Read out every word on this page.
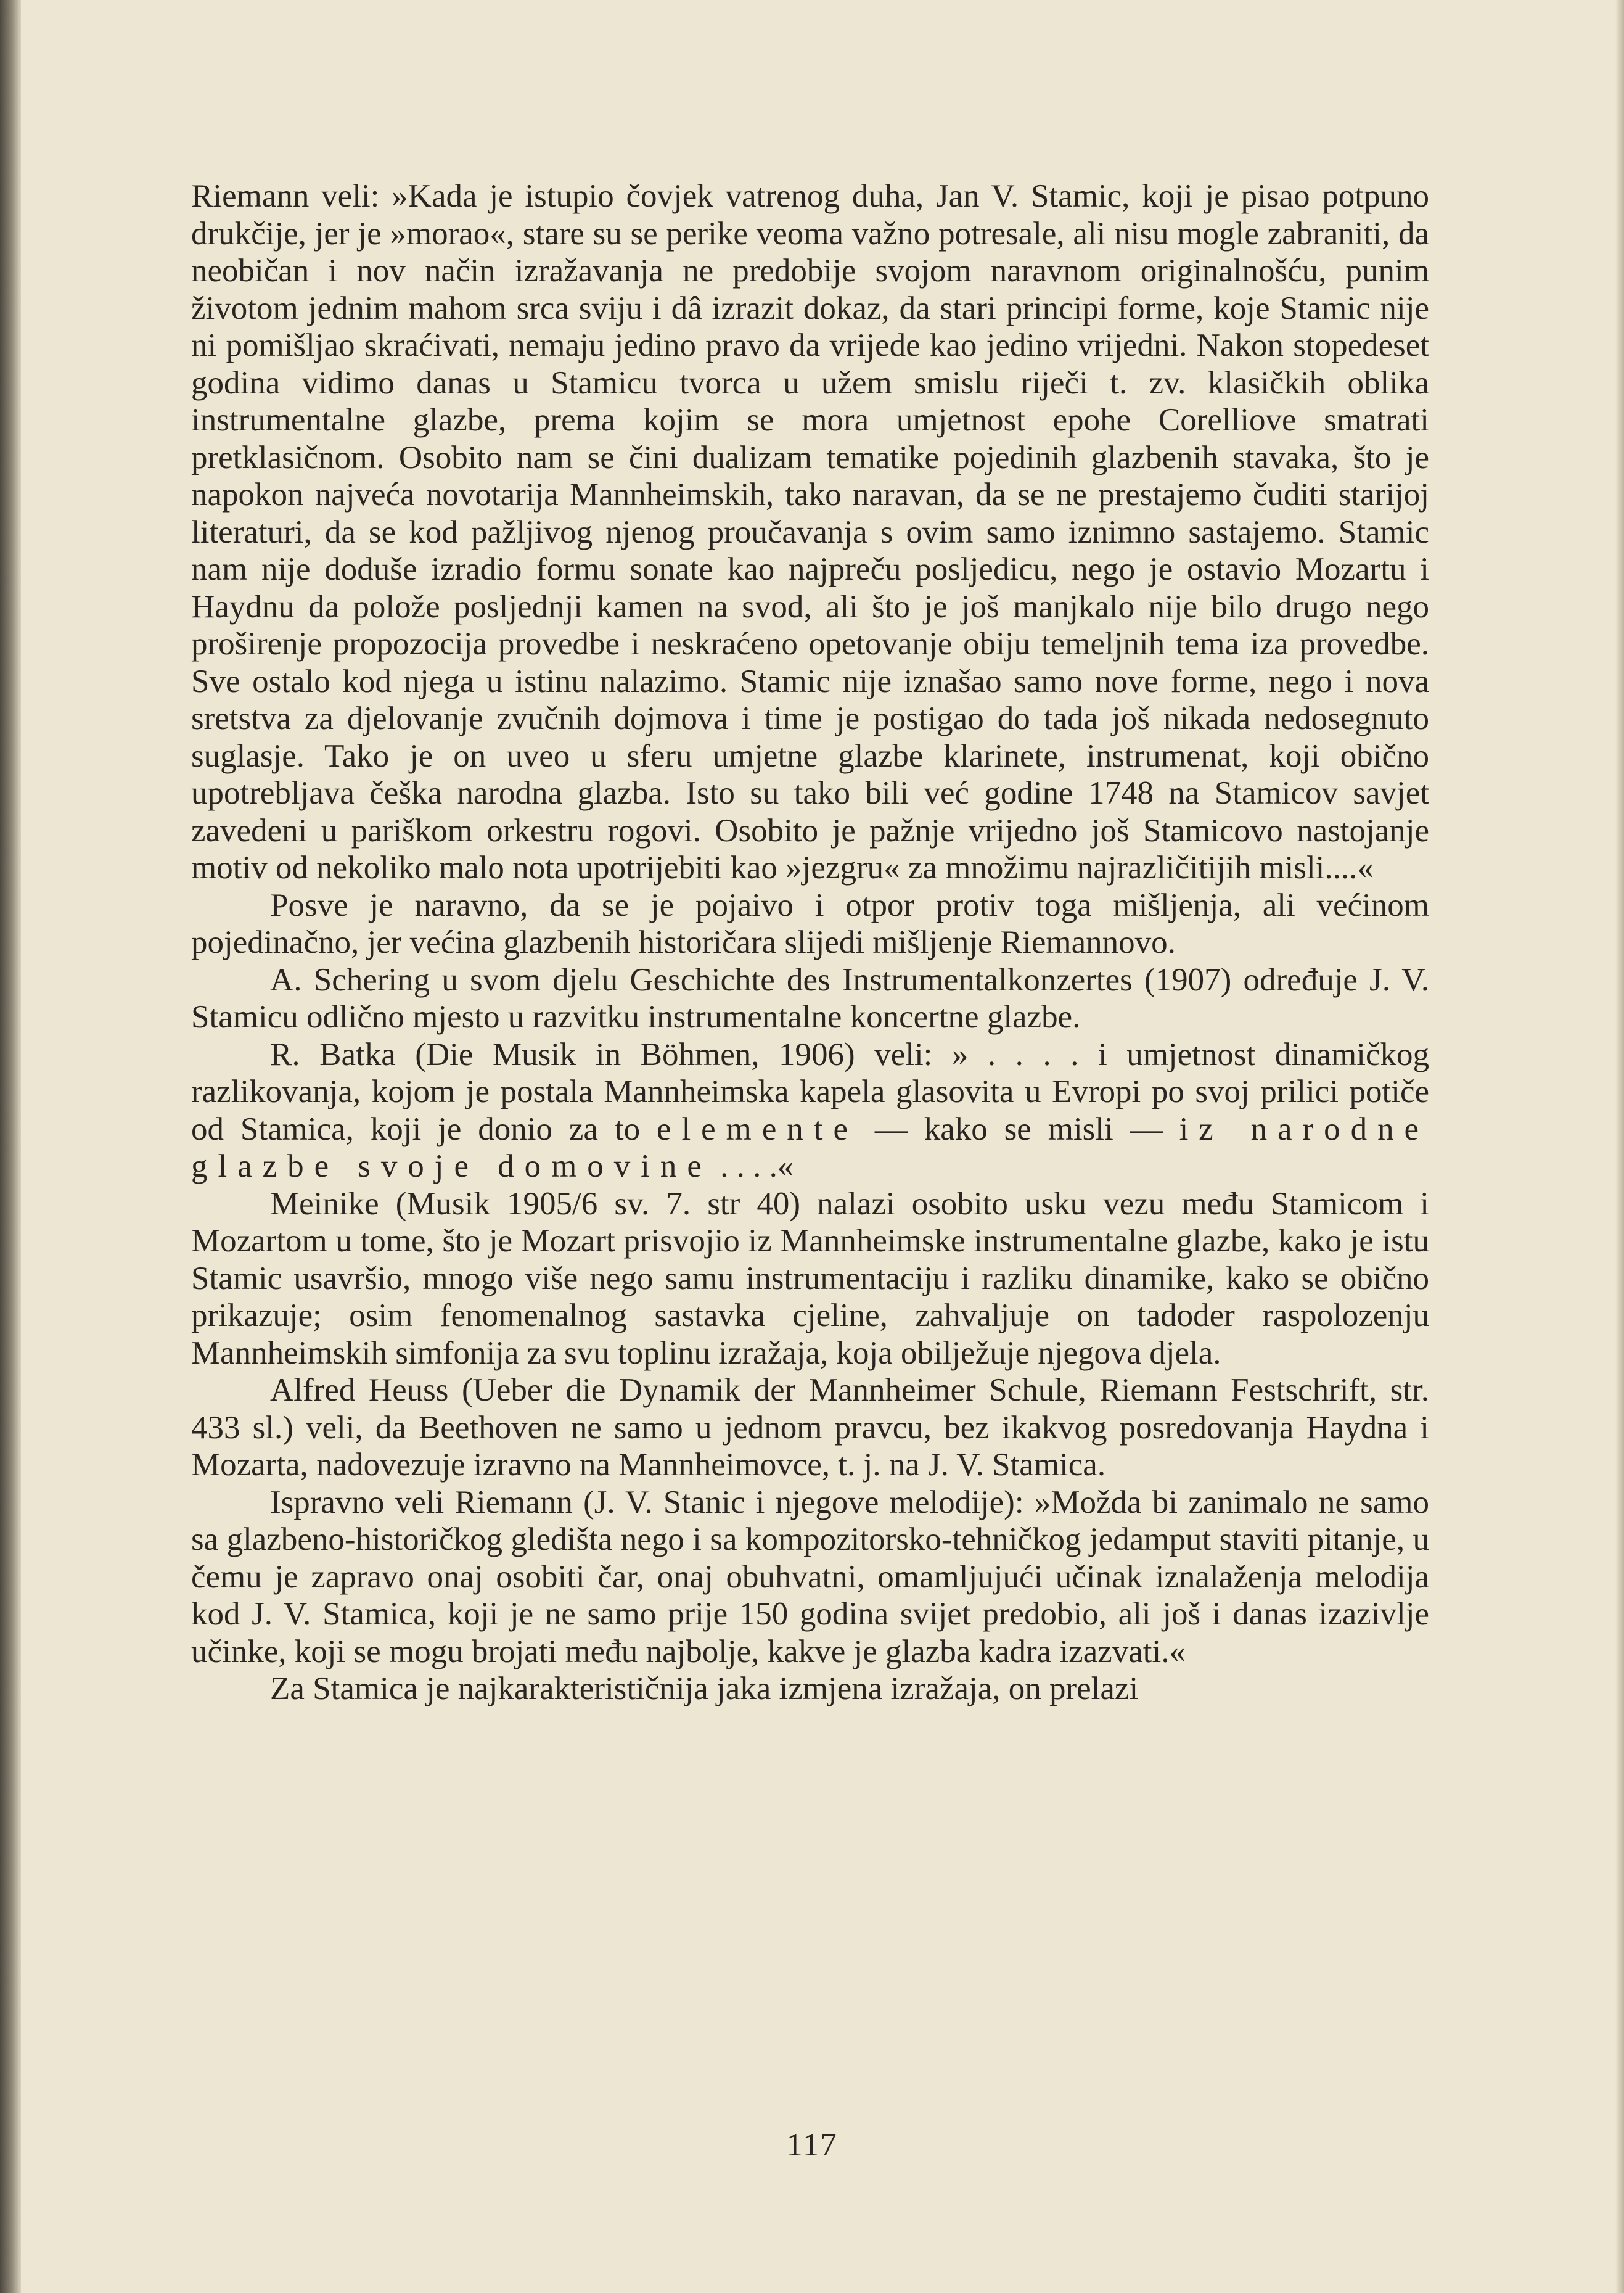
Riemann veli: »Kada je istupio čovjek vatrenog duha, Jan V. Stamic, koji je pisao potpuno drukčije, jer je »morao«, stare su se perike veoma važno potresale, ali nisu mogle zabraniti, da neobičan i nov način izražavanja ne predobije svojom naravnom originalnošću, punim životom jednim mahom srca sviju i dâ izrazit dokaz, da stari principi forme, koje Stamic nije ni pomišljao skraćivati, nemaju jedino pravo da vrijede kao jedino vrijedni. Nakon stopedeset godina vidimo danas u Stamicu tvorca u užem smislu riječi t. zv. klasičkih oblika instrumentalne glazbe, prema kojim se mora umjetnost epohe Corelliove smatrati pretklasičnom. Osobito nam se čini dualizam tematike pojedinih glazbenih stavaka, što je napokon najveća novotarija Mannheimskih, tako naravan, da se ne prestajemo čuditi starijoj literaturi, da se kod pažljivog njenog proučavanja s ovim samo iznimno sastajemo. Stamic nam nije doduše izradio formu sonate kao najpreču posljedicu, nego je ostavio Mozartu i Haydnu da polože posljednji kamen na svod, ali što je još manjkalo nije bilo drugo nego proširenje propozocija provedbe i neskraćeno opetovanje obiju temeljnih tema iza provedbe. Sve ostalo kod njega u istinu nalazimo. Stamic nije iznašao samo nove forme, nego i nova sretstva za djelovanje zvučnih dojmova i time je postigao do tada još nikada nedosegnuto suglasje. Tako je on uveo u sferu umjetne glazbe klarinete, instrumenat, koji obično upotrebljava češka narodna glazba. Isto su tako bili već godine 1748 na Stamicov savjet zavedeni u pariškom orkestru rogovi. Osobito je pažnje vrijedno još Stamicovo nastojanje motiv od nekoliko malo nota upotrijebiti kao »jezgru« za množimu najrazličitijih misli....«

Posve je naravno, da se je pojaivo i otpor protiv toga mišljenja, ali većinom pojedinačno, jer većina glazbenih historičara slijedi mišljenje Riemannovo.

A. Schering u svom djelu Geschichte des Instrumentalkonzertes (1907) određuje J. V. Stamicu odlično mjesto u razvitku instrumentalne koncertne glazbe.

R. Batka (Die Musik in Böhmen, 1906) veli: » . . . . i umjetnost dinamičkog razlikovanja, kojom je postala Mannheimska kapela glasovita u Evropi po svoj prilici potiče od Stamica, koji je donio za to elemente — kako se misli — iz narodne glazbe svoje domovine . . . .«

Meinike (Musik 1905/6 sv. 7. str 40) nalazi osobito usku vezu među Stamicom i Mozartom u tome, što je Mozart prisvojio iz Mannheimske instrumentalne glazbe, kako je istu Stamic usavršio, mnogo više nego samu instrumentaciju i razliku dinamike, kako se obično prikazuje; osim fenomenalnog sastavka cjeline, zahvaljuje on tadoder raspolozenju Mannheimskih simfonija za svu toplinu izražaja, koja obilježuje njegova djela.

Alfred Heuss (Ueber die Dynamik der Mannheimer Schule, Riemann Festschrift, str. 433 sl.) veli, da Beethoven ne samo u jednom pravcu, bez ikakvog posredovanja Haydna i Mozarta, nadovezuje izravno na Mannheimovce, t. j. na J. V. Stamica.

Ispravno veli Riemann (J. V. Stanic i njegove melodije): »Možda bi zanimalo ne samo sa glazbeno-historičkog gledišta nego i sa kompozitorsko-tehničkog jedamput staviti pitanje, u čemu je zapravo onaj osobiti čar, onaj obuhvatni, omamljujući učinak iznalaženja melodija kod J. V. Stamica, koji je ne samo prije 150 godina svijet predobio, ali još i danas izazivlje učinke, koji se mogu brojati među najbolje, kakve je glazba kadra izazvati.«

Za Stamica je najkarakterističnija jaka izmjena izražaja, on prelazi

117
